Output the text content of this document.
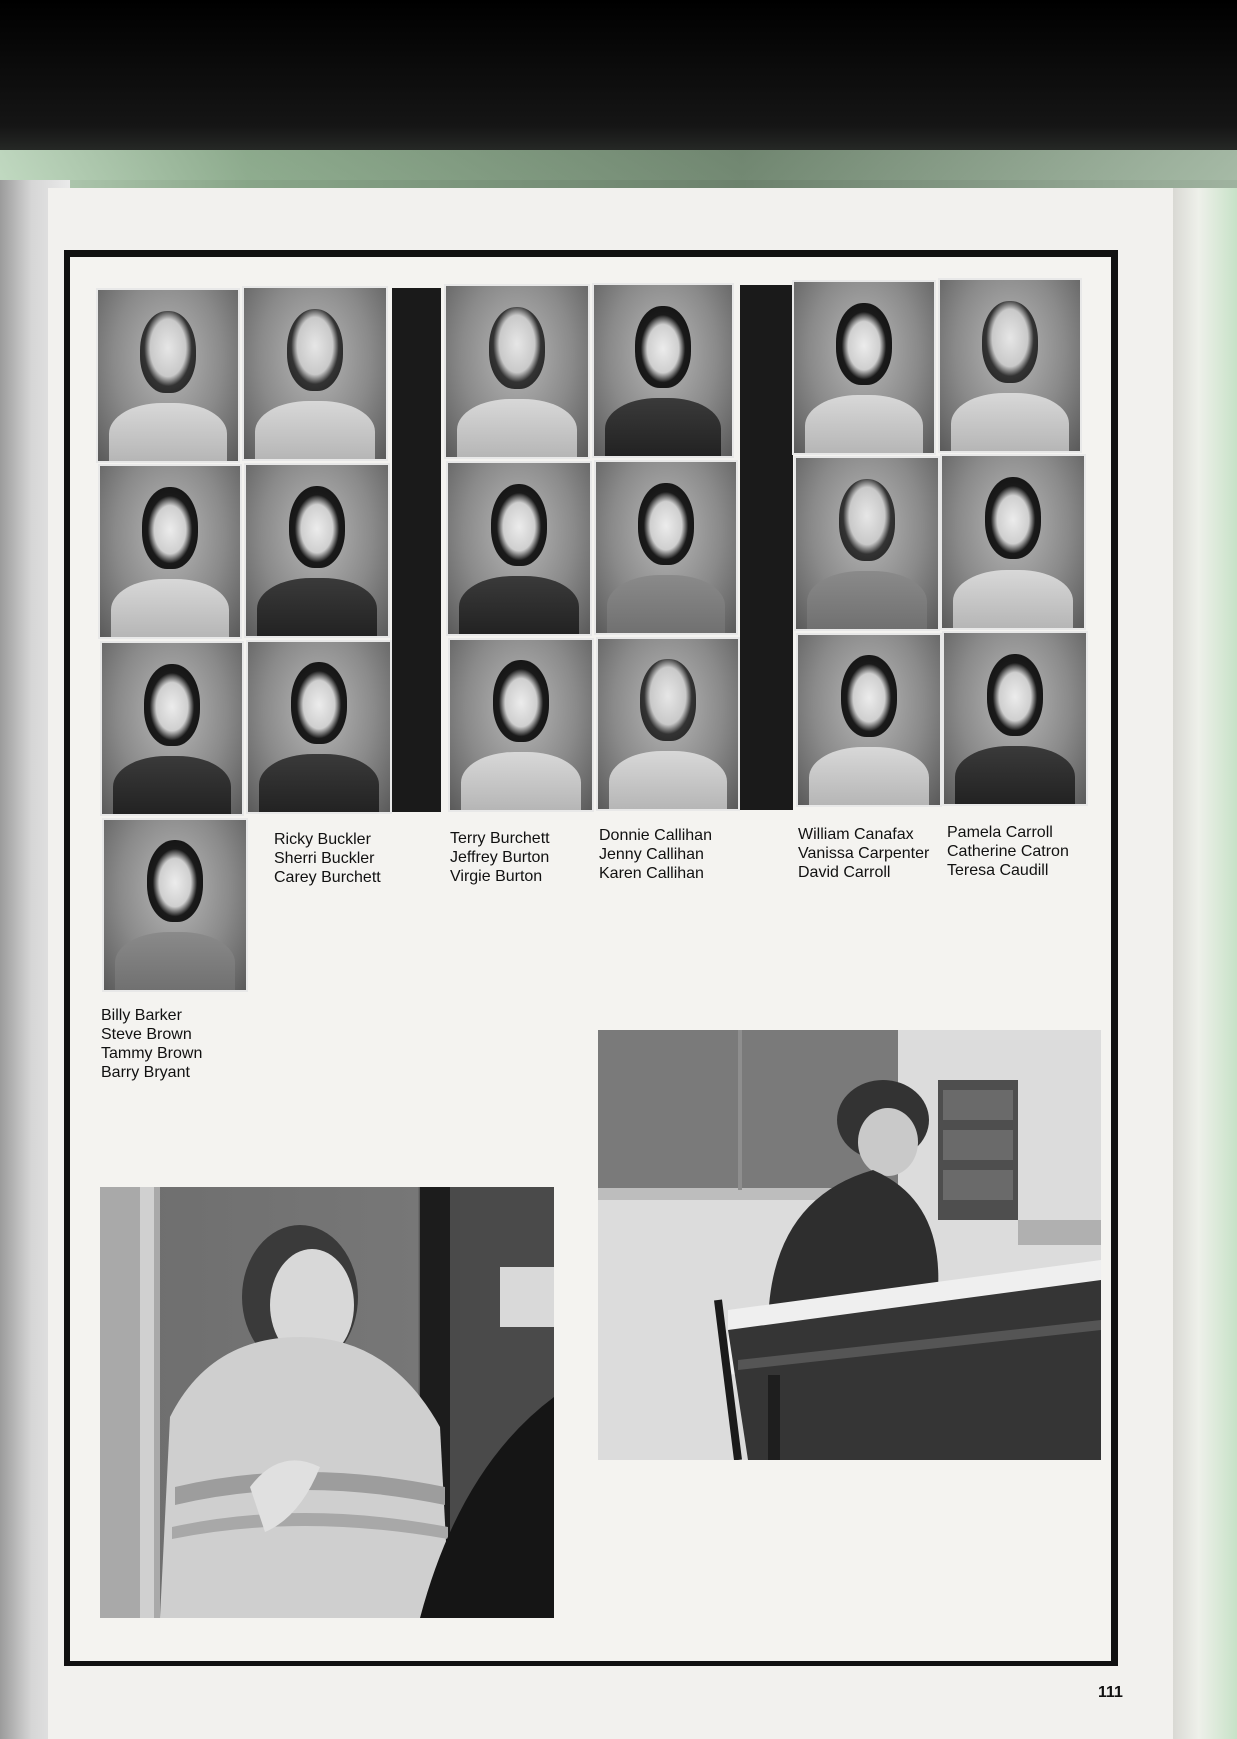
Billy Barker
Steve Brown
Tammy Brown
Barry Bryant
Ricky Buckler
Sherri Buckler
Carey Burchett
Terry Burchett
Jeffrey Burton
Virgie Burton
Donnie Callihan
Jenny Callihan
Karen Callihan
William Canafax
Vanissa Carpenter
David Carroll
Pamela Carroll
Catherine Catron
Teresa Caudill
111
